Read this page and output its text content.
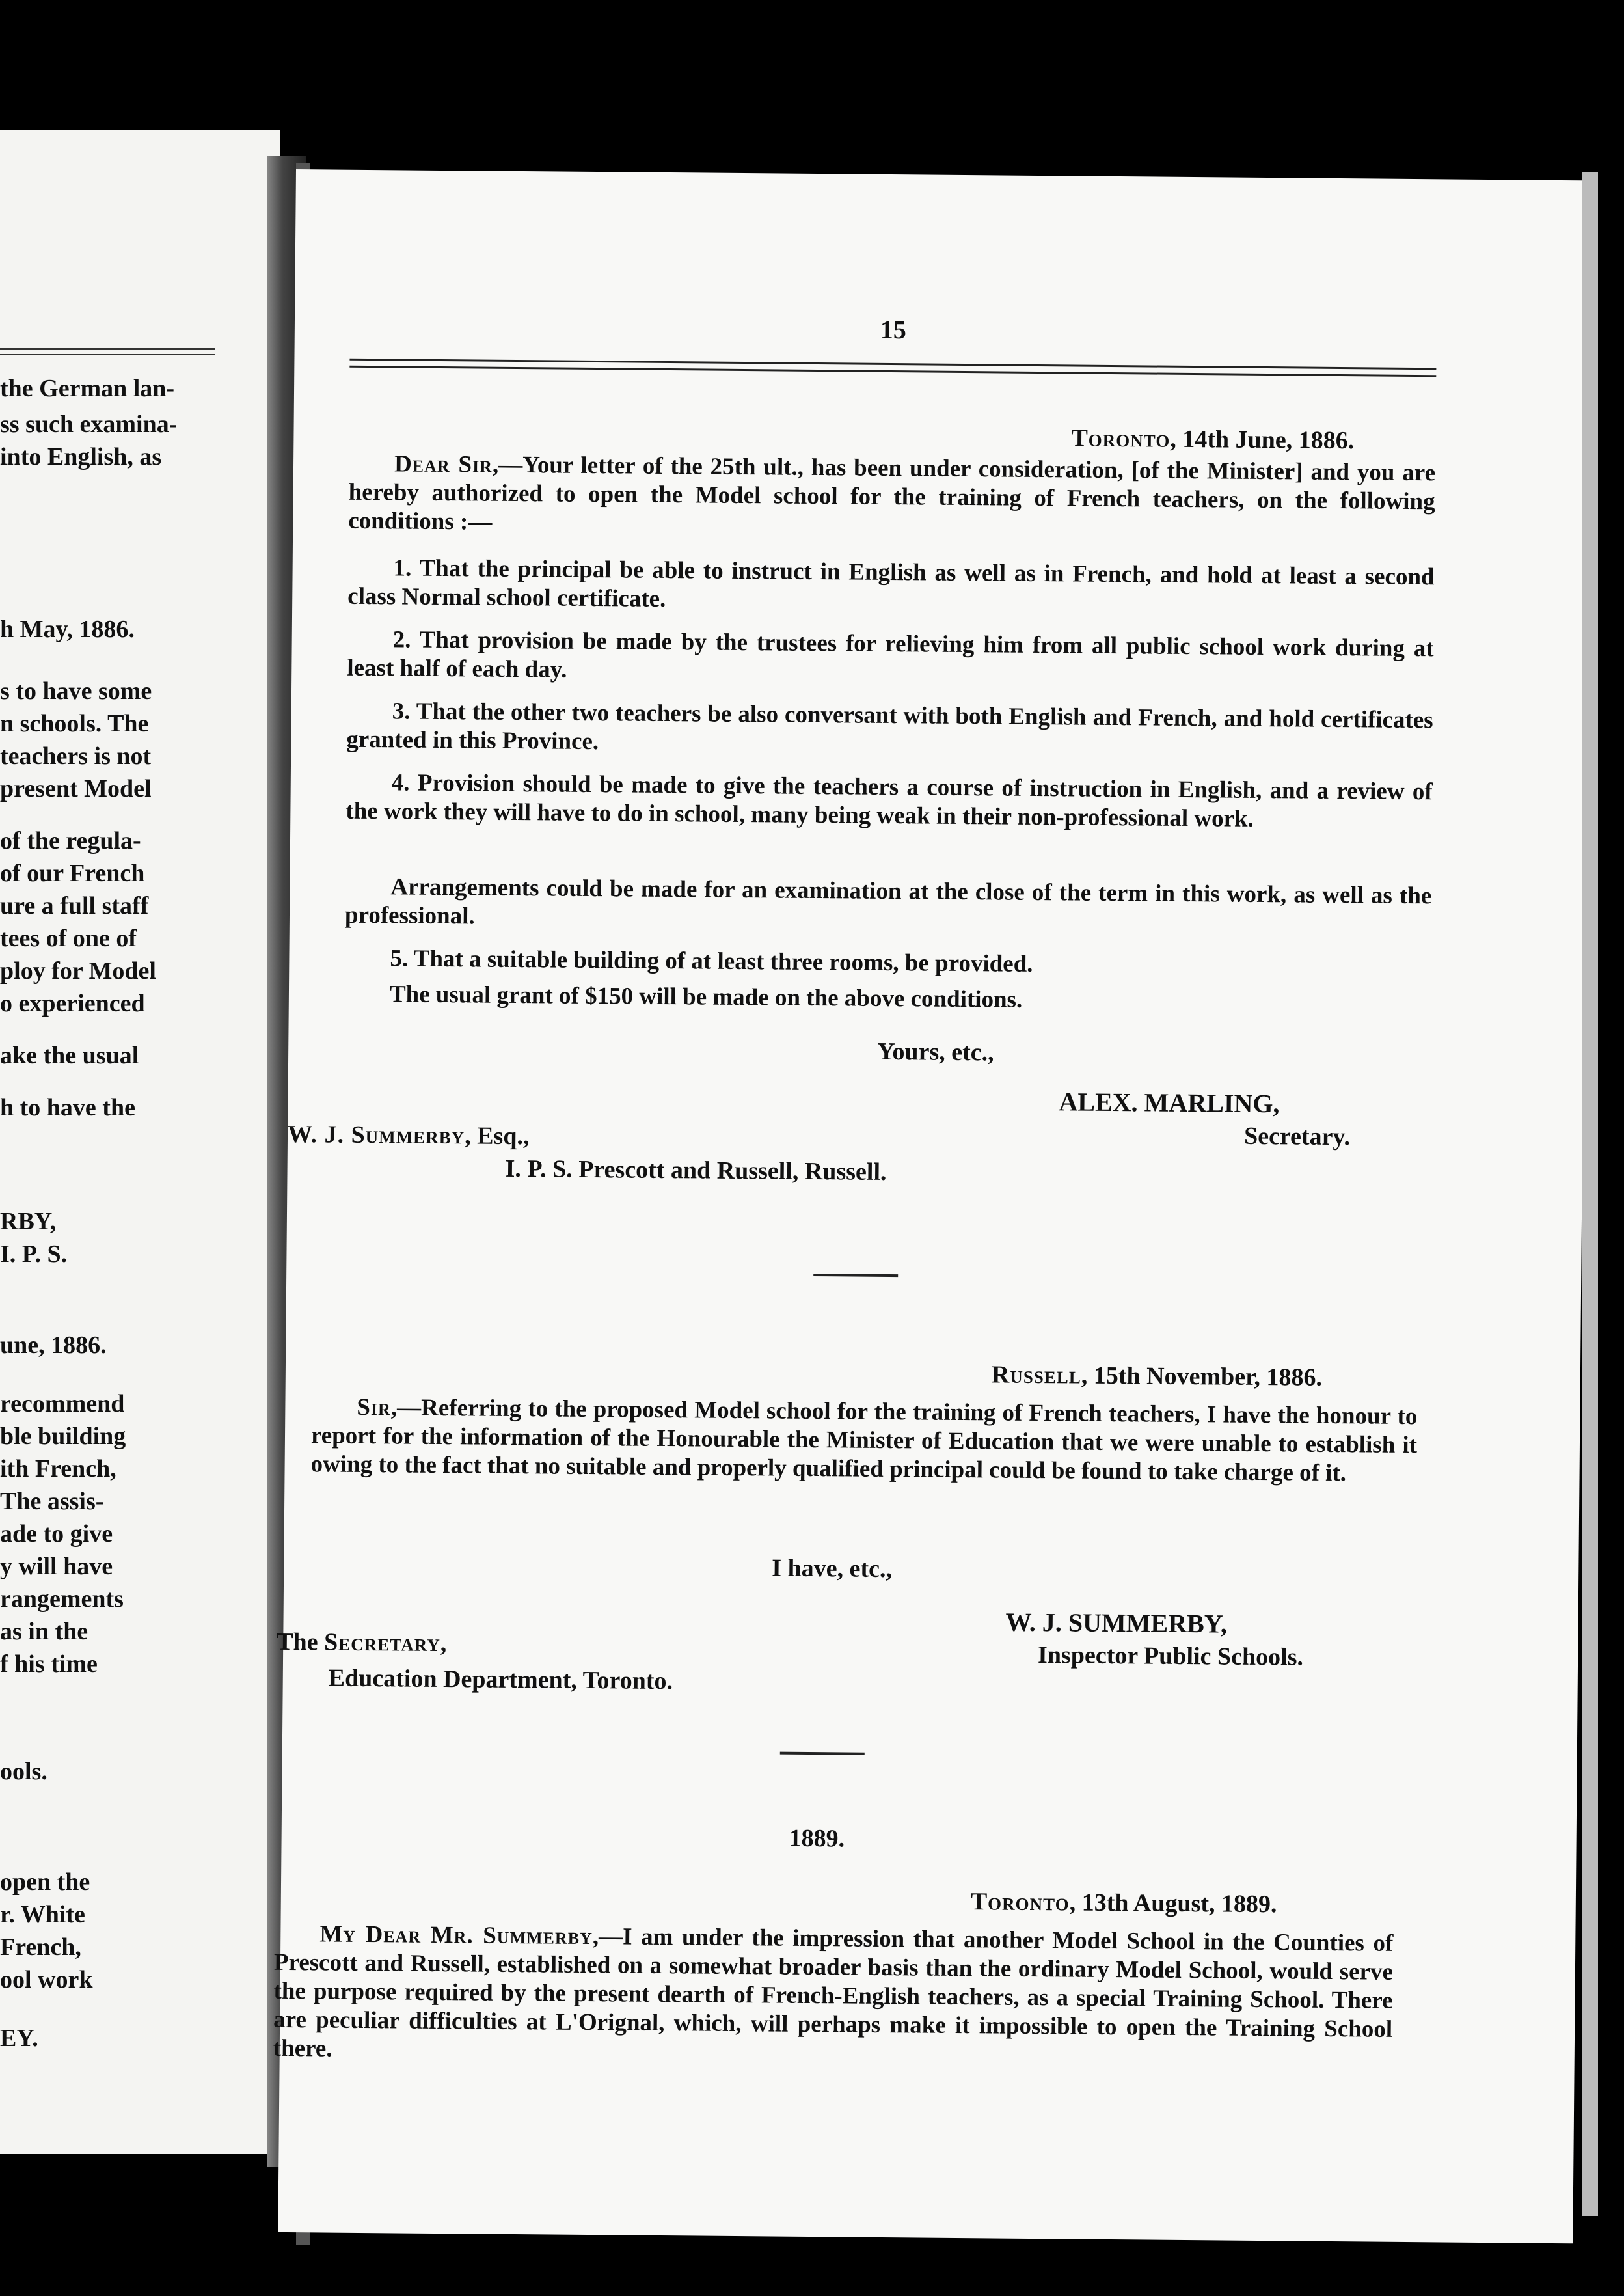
the German lan-
ss such examina-
into English, as
h May, 1886.
s to have some
n schools. The
teachers is not
present Model
of the regula-
of our French
ure a full staff
tees of one of
ploy for Model
o experienced
ake the usual
h to have the
RBY,
I. P. S.
une, 1886.
recommend
ble building
ith French,
The assis-
ade to give
y will have
rangements
as in the
f his time
ools.
open the
r. White
French,
ool work
EY.
15
Toronto, 14th June, 1886.
Dear Sir,—Your letter of the 25th ult., has been under consideration, [of the Minister] and you are hereby authorized to open the Model school for the training of French teachers, on the following conditions :—
1. That the principal be able to instruct in English as well as in French, and hold at least a second class Normal school certificate.
2. That provision be made by the trustees for relieving him from all public school work during at least half of each day.
3. That the other two teachers be also conversant with both English and French, and hold certificates granted in this Province.
4. Provision should be made to give the teachers a course of instruction in English, and a review of the work they will have to do in school, many being weak in their non-professional work.
Arrangements could be made for an examination at the close of the term in this work, as well as the professional.
5. That a suitable building of at least three rooms, be provided.
The usual grant of $150 will be made on the above conditions.
Yours, etc.,
ALEX. MARLING,
Secretary.
W. J. Summerby, Esq.,
I. P. S. Prescott and Russell, Russell.
Russell, 15th November, 1886.
Sir,—Referring to the proposed Model school for the training of French teachers, I have the honour to report for the information of the Honourable the Minister of Education that we were unable to establish it owing to the fact that no suitable and properly qualified principal could be found to take charge of it.
I have, etc.,
W. J. SUMMERBY,
Inspector Public Schools.
The Secretary,
Education Department, Toronto.
1889.
Toronto, 13th August, 1889.
My Dear Mr. Summerby,—I am under the impression that another Model School in the Counties of Prescott and Russell, established on a somewhat broader basis than the ordinary Model School, would serve the purpose required by the present dearth of French-English teachers, as a special Training School. There are peculiar difficulties at L'Orignal, which, will perhaps make it impossible to open the Training School there.
